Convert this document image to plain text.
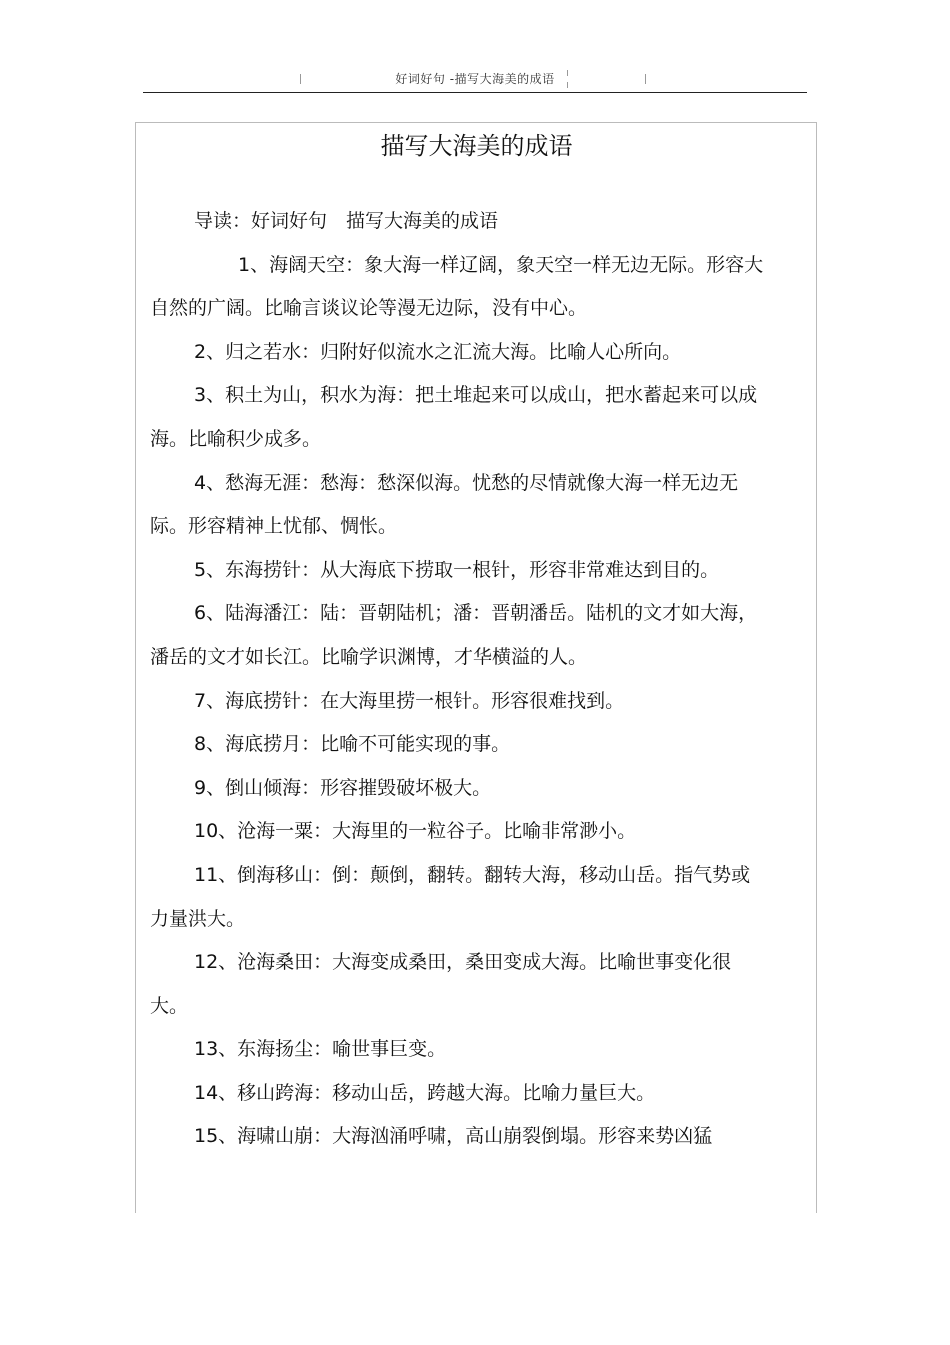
好词好句 -描写大海美的成语
描写大海美的成语

导读：好词好句　描写大海美的成语

1、海阔天空：象大海一样辽阔，象天空一样无边无际。形容大自然的广阔。比喻言谈议论等漫无边际，没有中心。

2、归之若水：归附好似流水之汇流大海。比喻人心所向。

3、积土为山，积水为海：把土堆起来可以成山，把水蓄起来可以成海。比喻积少成多。

4、愁海无涯：愁海：愁深似海。忧愁的尽情就像大海一样无边无际。形容精神上忧郁、惆怅。

5、东海捞针：从大海底下捞取一根针，形容非常难达到目的。

6、陆海潘江：陆：晋朝陆机；潘：晋朝潘岳。陆机的文才如大海，潘岳的文才如长江。比喻学识渊博，才华横溢的人。

7、海底捞针：在大海里捞一根针。形容很难找到。

8、海底捞月：比喻不可能实现的事。

9、倒山倾海：形容摧毁破坏极大。

10、沧海一粟：大海里的一粒谷子。比喻非常渺小。

11、倒海移山：倒：颠倒，翻转。翻转大海，移动山岳。指气势或力量洪大。

12、沧海桑田：大海变成桑田，桑田变成大海。比喻世事变化很大。

13、东海扬尘：喻世事巨变。

14、移山跨海：移动山岳，跨越大海。比喻力量巨大。

15、海啸山崩：大海汹涌呼啸，高山崩裂倒塌。形容来势凶猛
